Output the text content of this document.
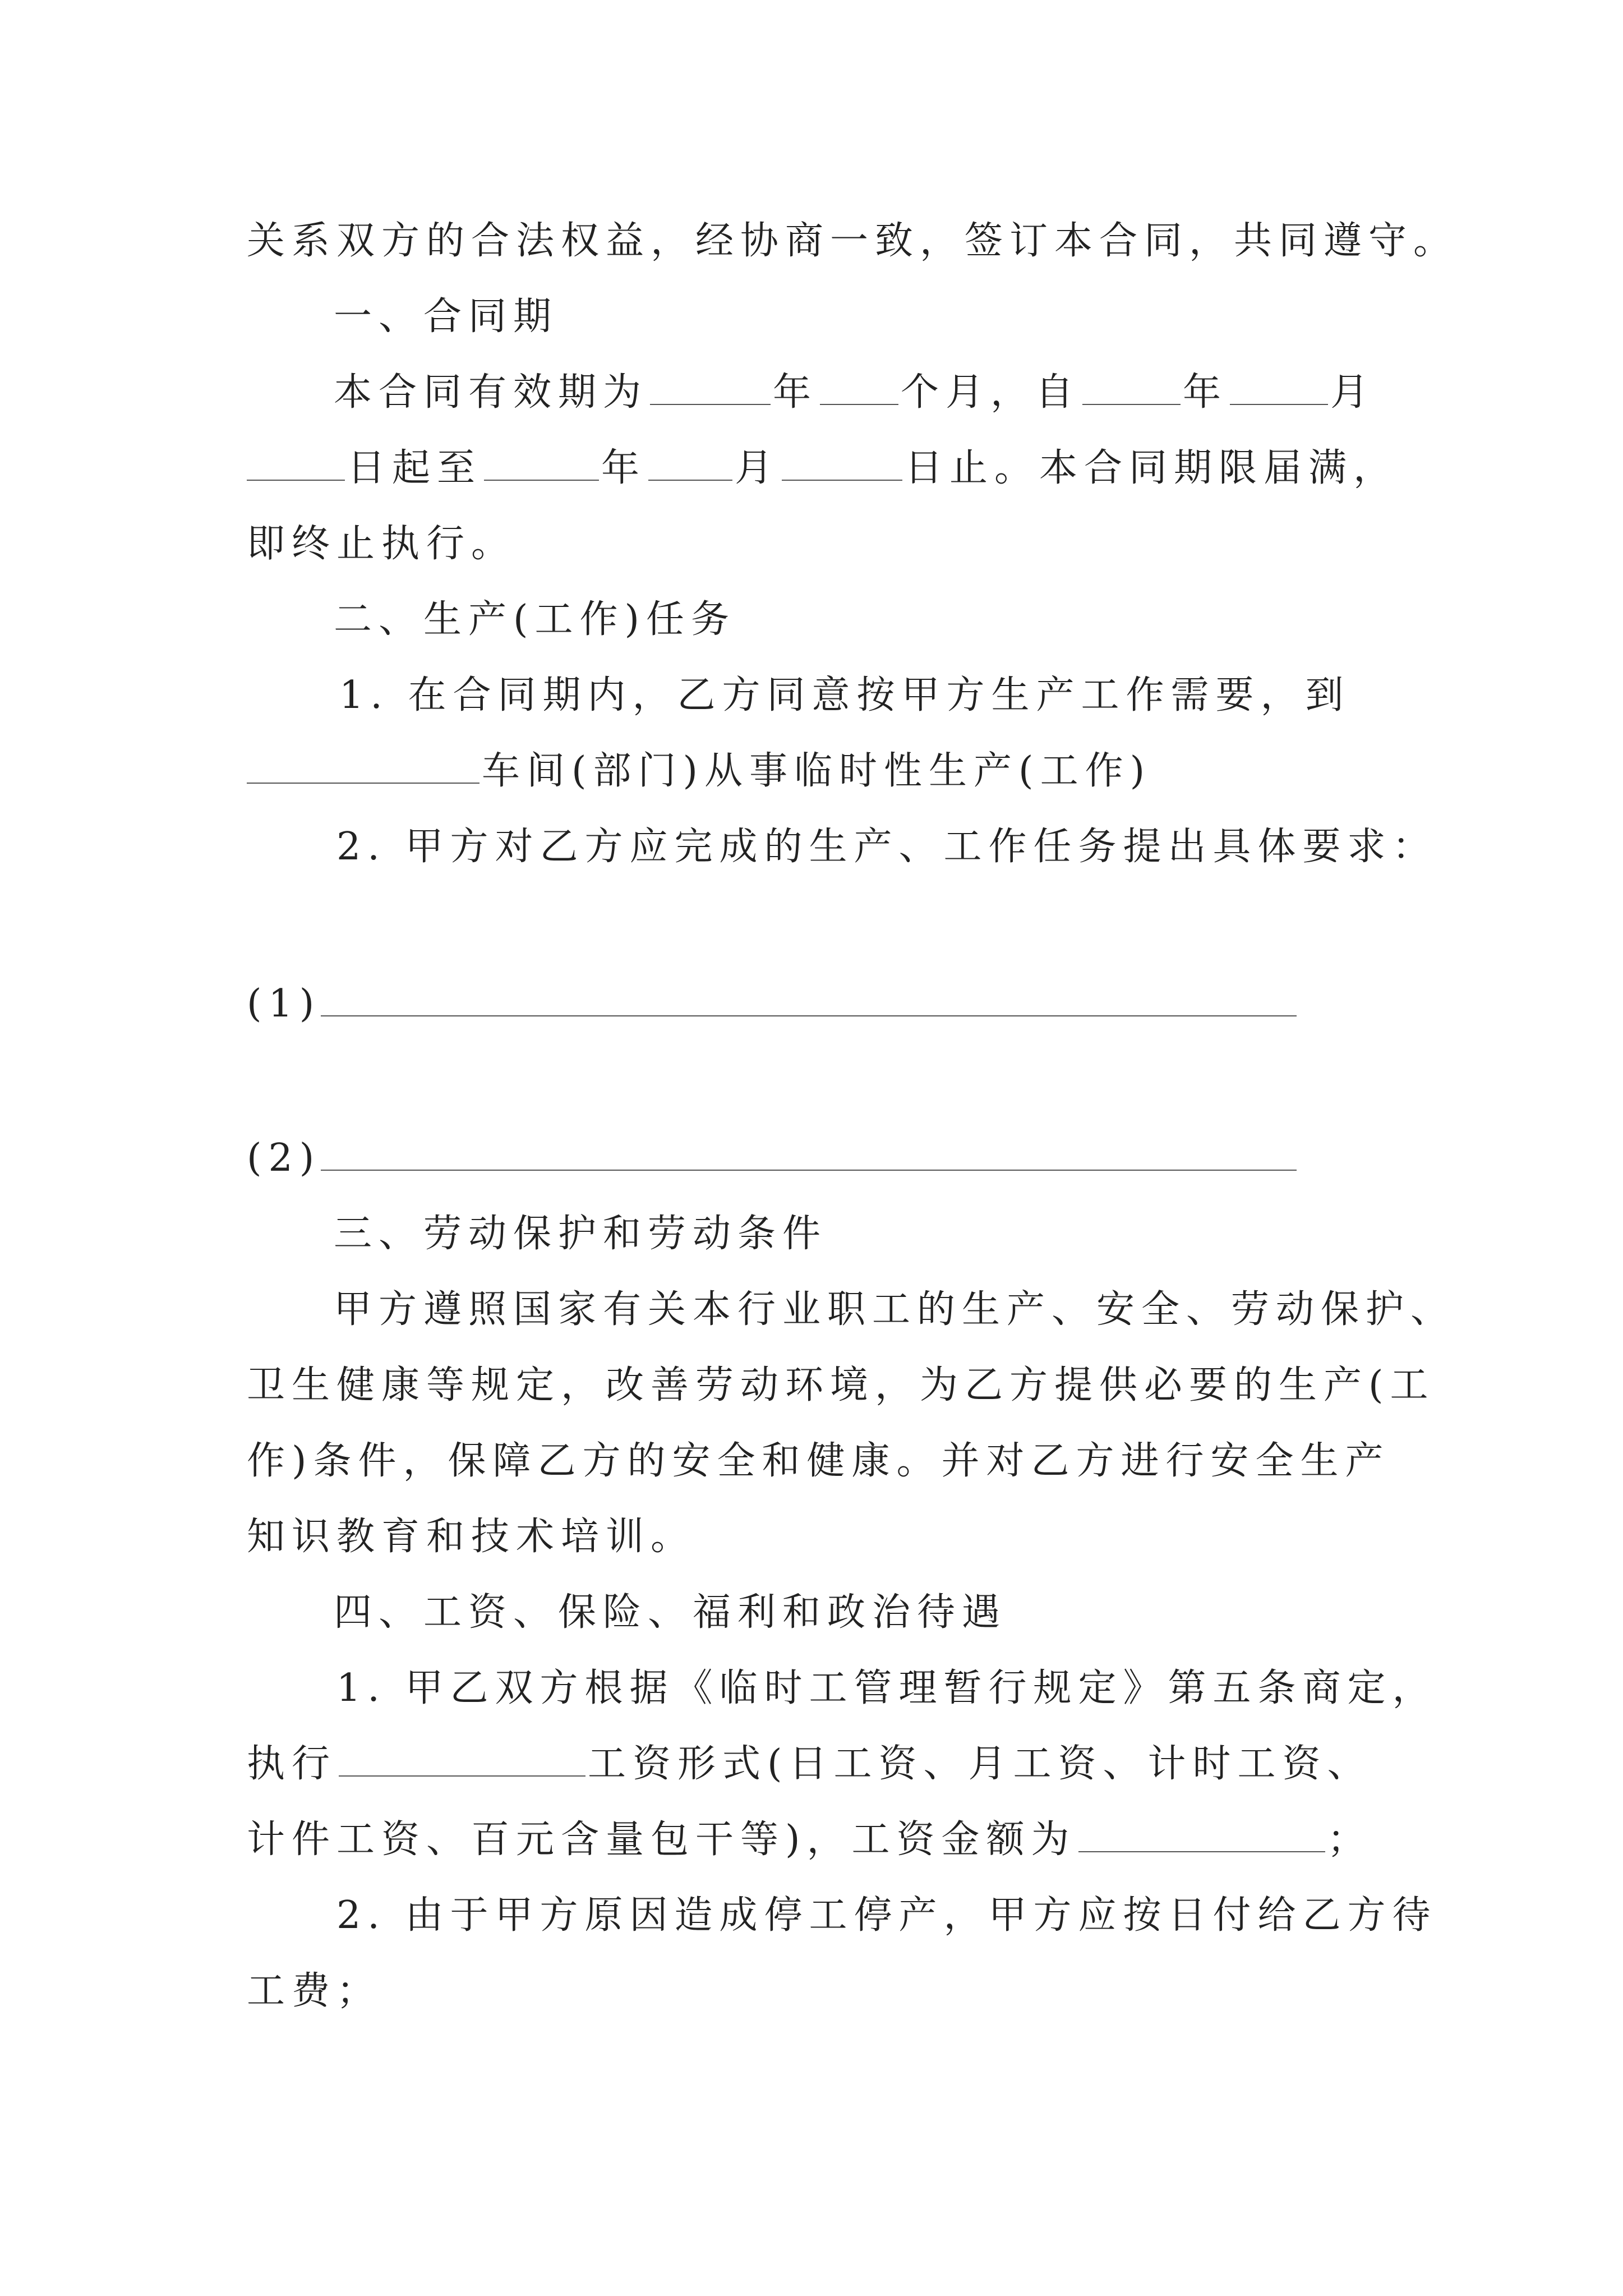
关系双方的合法权益，经协商一致，签订本合同，共同遵守。
一、合同期
本合同有效期为	年 个月，自	年	月
日起至	年 月	日止。本合同期限届满，
即终止执行。
二、生产(工作)任务
1. 在合同期内，乙方同意按甲方生产工作需要，到
车间(部门)从事临时性生产(工作)
2. 甲方对乙方应完成的生产、工作任务提出具体要求：
(1)
(2)
三、劳动保护和劳动条件
甲方遵照国家有关本行业职工的生产、安全、劳动保护、
卫生健康等规定，改善劳动环境，为乙方提供必要的生产(工
作)条件，保障乙方的安全和健康。并对乙方进行安全生产
知识教育和技术培训。
四、工资、保险、福利和政治待遇
1. 甲乙双方根据《临时工管理暂行规定》第五条商定，
执行	工资形式(日工资、月工资、计时工资、
计件工资、百元含量包干等)，工资金额为	；
2. 由于甲方原因造成停工停产，甲方应按日付给乙方待
工费；
